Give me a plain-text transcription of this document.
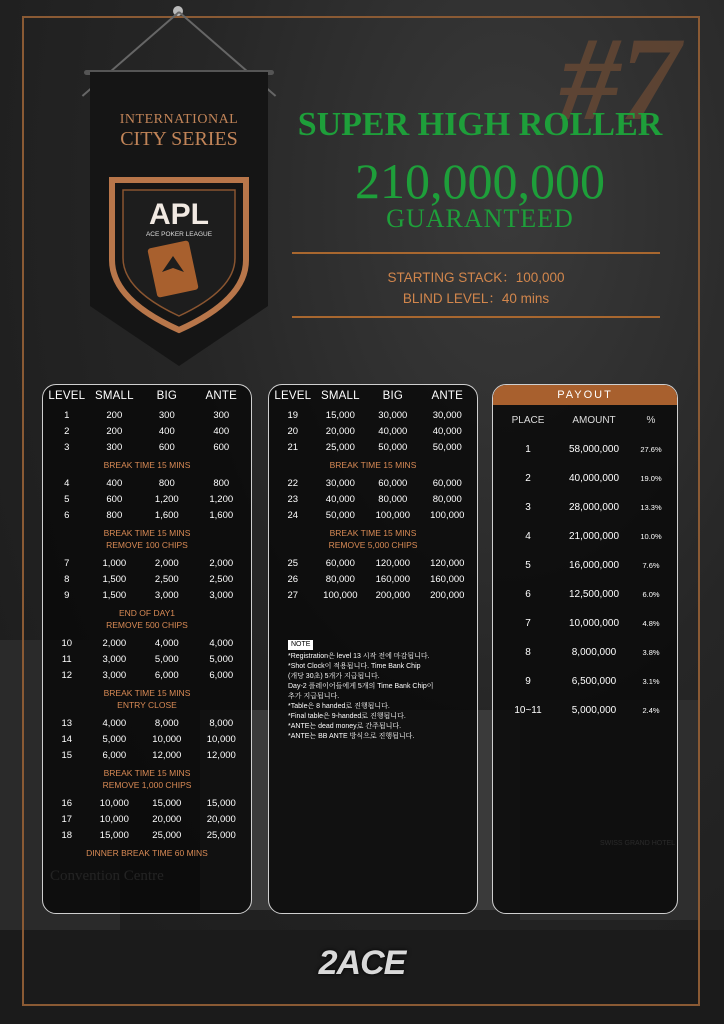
INTERNATIONAL
CITY SERIES
APL
ACE POKER LEAGUE
#7
SUPER HIGH ROLLER
210,000,000
GUARANTEED
STARTING STACK：100,000
BLIND LEVEL：40 mins
LEVEL SMALL	BIG	ANTE
1	200	300	300
2	200	400	400
3	300	600	600
BREAK TIME 15 MINS
4	400	800	800
5	600	1,200	1,200
6	800	1,600	1,600
BREAK TIME 15 MINS
REMOVE 100 CHIPS
7	1,000	2,000	2,000
8	1,500	2,500	2,500
9	1,500	3,000	3,000
END OF DAY1
REMOVE 500 CHIPS
10	2,000	4,000	4,000
11	3,000	5,000	5,000
12	3,000	6,000	6,000
BREAK TIME 15 MINS
ENTRY CLOSE
13	4,000	8,000	8,000
14	5,000	10,000	10,000
15	6,000	12,000	12,000
BREAK TIME 15 MINS
REMOVE 1,000 CHIPS
16	10,000	15,000	15,000
17	10,000	20,000	20,000
18	15,000	25,000	25,000
DINNER BREAK TIME 60 MINS
LEVEL SMALL	BIG	ANTE
19	15,000	30,000	30,000
20	20,000	40,000	40,000
21	25,000	50,000	50,000
BREAK TIME 15 MINS
22	30,000	60,000	60,000
23	40,000	80,000	80,000
24	50,000	100,000	100,000
BREAK TIME 15 MINS
REMOVE 5,000 CHIPS
25	60,000	120,000	120,000
26	80,000	160,000	160,000
27	100,000	200,000	200,000
NOTE
*Registration은 level 13 시작 전에 마감됩니다.
*Shot Clock이 적용됩니다. Time Bank Chip
(개당 30초) 5개가 지급됩니다.
Day-2 플레이어들에게 5개의 Time Bank Chip이
추가 지급됩니다.
*Table은 8 handed로 진행됩니다.
*Final table은 9-handed로 진행됩니다.
*ANTE는 dead money로 간주됩니다.
*ANTE는 BB ANTE 방식으로 진행됩니다.
PAYOUT
PLACE	AMOUNT	%
1	58,000,000	27.6%
2	40,000,000	19.0%
3	28,000,000	13.3%
4	21,000,000	10.0%
5	16,000,000	7.6%
6	12,500,000	6.0%
7	10,000,000	4.8%
8	8,000,000	3.8%
9	6,500,000	3.1%
10~11	5,000,000	2.4%
2ACE
